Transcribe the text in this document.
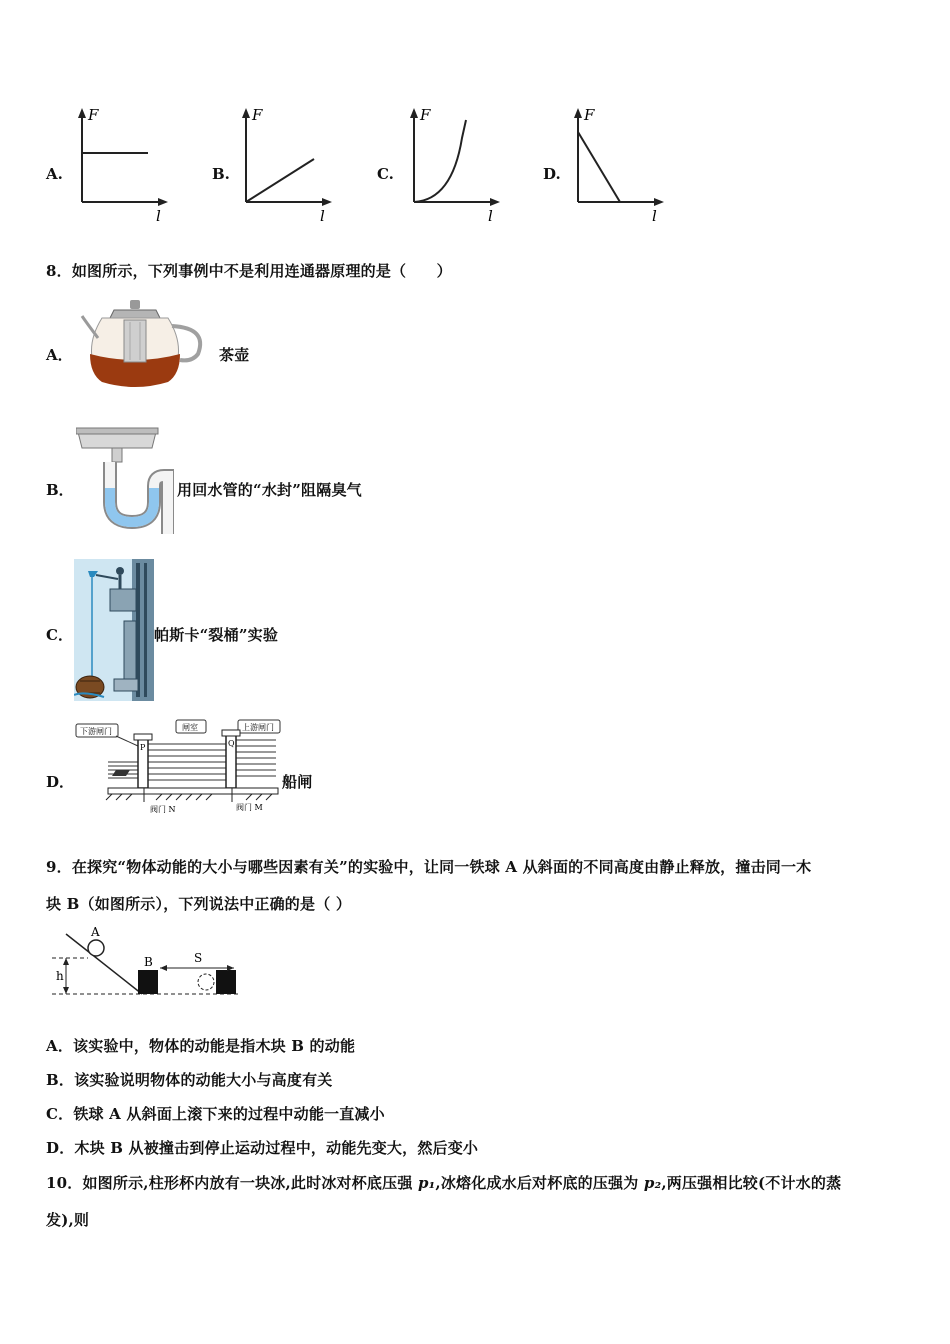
A.
F
l
B.
F
l
C.
F
l
D.
F
l
8．如图所示，下列事例中不是利用连通器原理的是（　　）
A．	茶壶
B．	用回水管的“水封”阻隔臭气
C．	帕斯卡“裂桶”实验
D．
下游闸门	闸室	上游闸门
P	Q
阀门 N	阀门 M
船闸
9．在探究“物体动能的大小与哪些因素有关”的实验中，让同一铁球 A 从斜面的不同高度由静止释放，撞击同一木
块 B（如图所示），下列说法中正确的是（ ）
A
h
B	S
A．该实验中，物体的动能是指木块 B 的动能
B．该实验说明物体的动能大小与高度有关
C．铁球 A 从斜面上滚下来的过程中动能一直减小
D．木块 B 从被撞击到停止运动过程中，动能先变大，然后变小
10．如图所示,柱形杯内放有一块冰,此时冰对杯底压强 p₁,冰熔化成水后对杯底的压强为 p₂,两压强相比较(不计水的蒸
发),则
